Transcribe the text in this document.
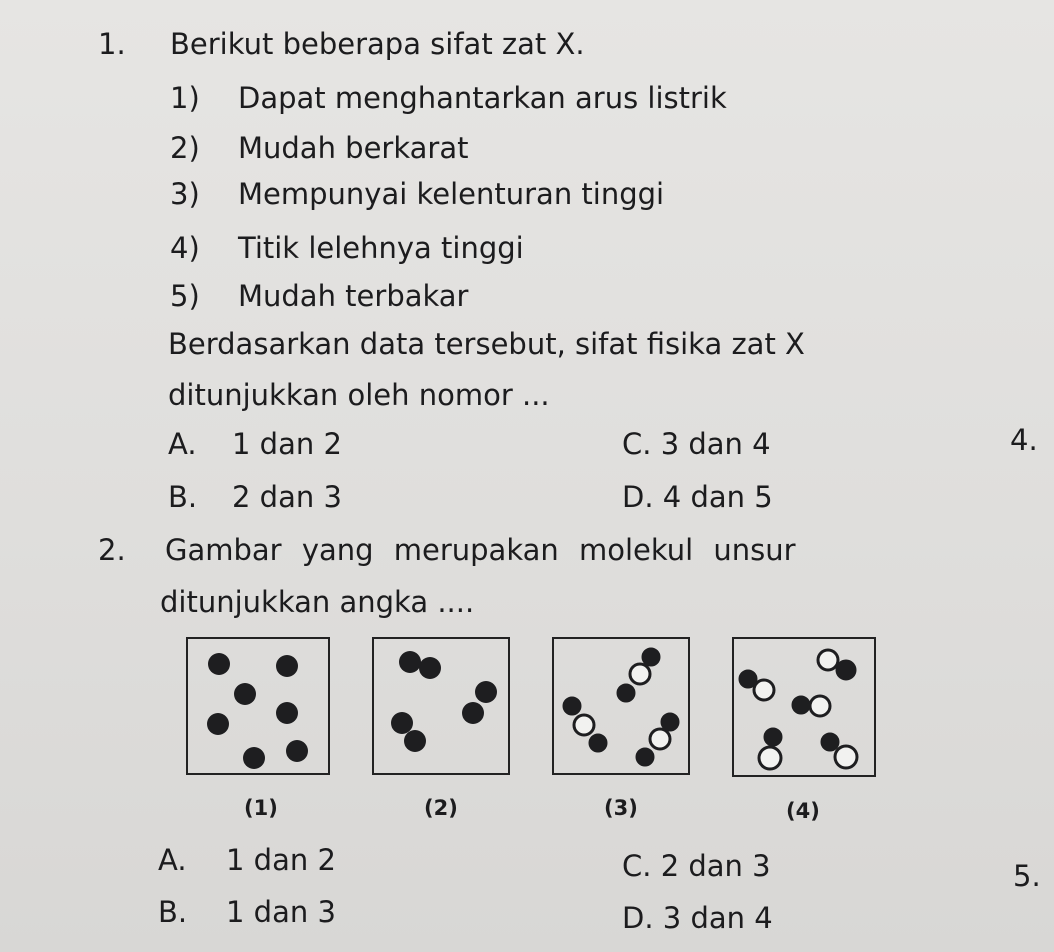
1. Berikut beberapa sifat zat X.
1) Dapat menghantarkan arus listrik
2) Mudah berkarat
3) Mempunyai kelenturan tinggi
4) Titik lelehnya tinggi
5) Mudah terbakar
Berdasarkan data tersebut, sifat fisika zat X
ditunjukkan oleh nomor ...
A. 1 dan 2	C. 3 dan 4	4.
B. 2 dan 3	D. 4 dan 5
2. Gambar yang merupakan molekul unsur
ditunjukkan angka ....
(1)	(2)	(3)	(4)
A. 1 dan 2	C. 2 dan 3	5.
B. 1 dan 3	D. 3 dan 4
